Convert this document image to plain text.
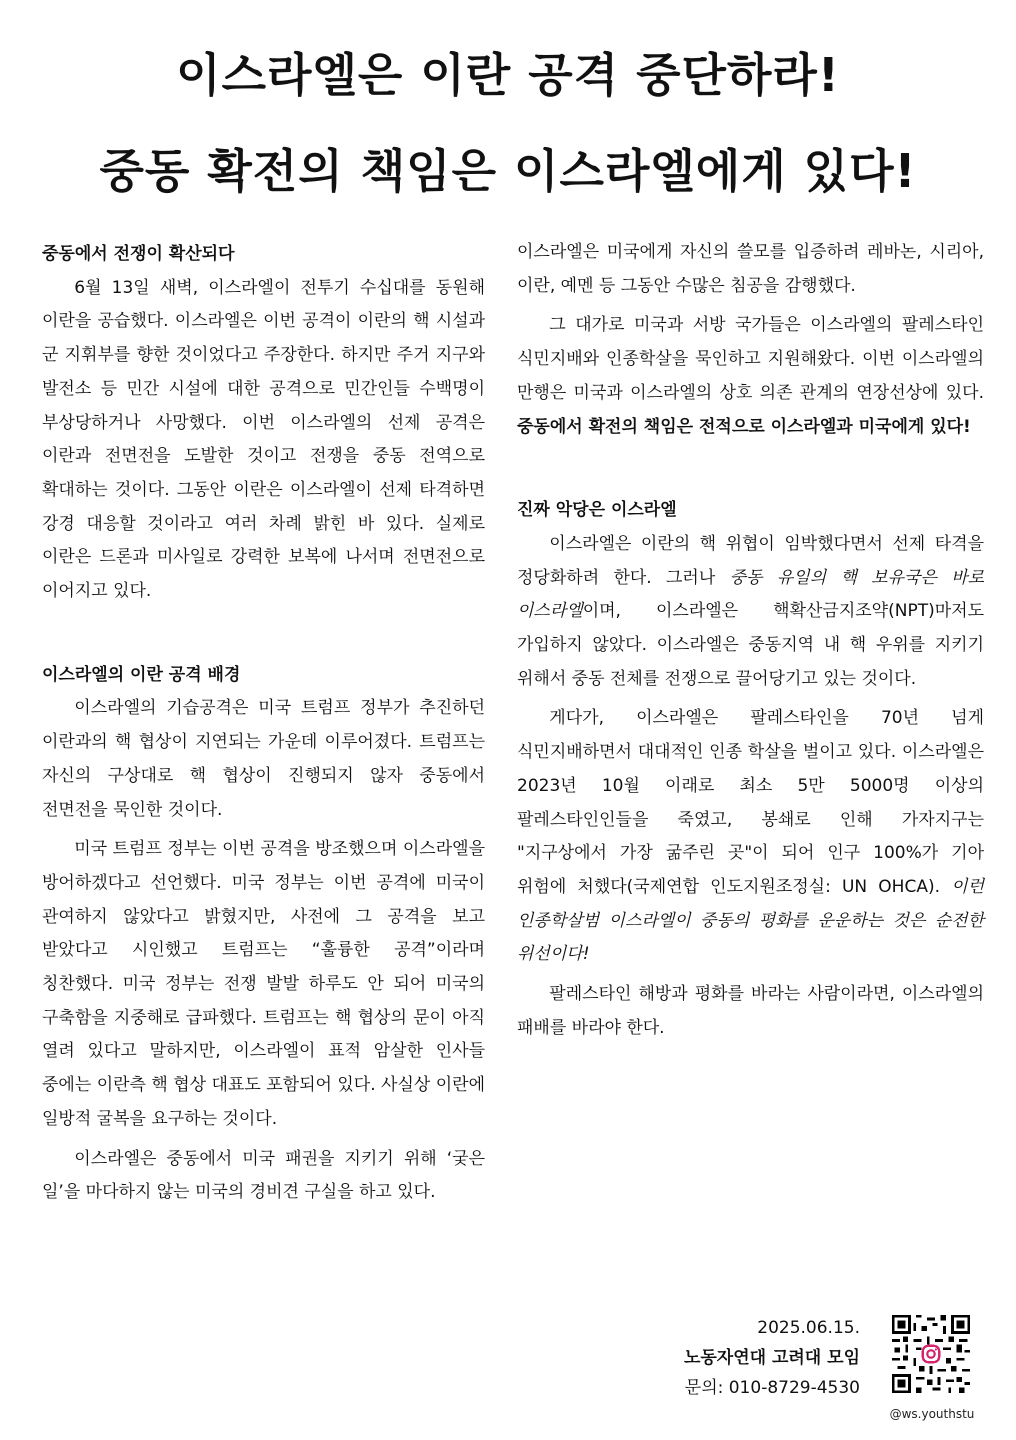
이스라엘은 이란 공격 중단하라!
중동 확전의 책임은 이스라엘에게 있다!
중동에서 전쟁이 확산되다

6월 13일 새벽, 이스라엘이 전투기 수십대를 동원해 이란을 공습했다. 이스라엘은 이번 공격이 이란의 핵 시설과 군 지휘부를 향한 것이었다고 주장한다. 하지만 주거 지구와 발전소 등 민간 시설에 대한 공격으로 민간인들 수백명이 부상당하거나 사망했다. 이번 이스라엘의 선제 공격은 이란과 전면전을 도발한 것이고 전쟁을 중동 전역으로 확대하는 것이다. 그동안 이란은 이스라엘이 선제 타격하면 강경 대응할 것이라고 여러 차례 밝힌 바 있다. 실제로 이란은 드론과 미사일로 강력한 보복에 나서며 전면전으로 이어지고 있다.

이스라엘의 이란 공격 배경

이스라엘의 기습공격은 미국 트럼프 정부가 추진하던 이란과의 핵 협상이 지연되는 가운데 이루어졌다. 트럼프는 자신의 구상대로 핵 협상이 진행되지 않자 중동에서 전면전을 묵인한 것이다.

미국 트럼프 정부는 이번 공격을 방조했으며 이스라엘을 방어하겠다고 선언했다. 미국 정부는 이번 공격에 미국이 관여하지 않았다고 밝혔지만, 사전에 그 공격을 보고 받았다고 시인했고 트럼프는 “훌륭한 공격”이라며 칭찬했다. 미국 정부는 전쟁 발발 하루도 안 되어 미국의 구축함을 지중해로 급파했다. 트럼프는 핵 협상의 문이 아직 열려 있다고 말하지만, 이스라엘이 표적 암살한 인사들 중에는 이란측 핵 협상 대표도 포함되어 있다. 사실상 이란에 일방적 굴복을 요구하는 것이다.

이스라엘은 중동에서 미국 패권을 지키기 위해 ‘궂은 일’을 마다하지 않는 미국의 경비견 구실을 하고 있다.

이스라엘은 미국에게 자신의 쓸모를 입증하려 레바논, 시리아, 이란, 예멘 등 그동안 수많은 침공을 감행했다.

그 대가로 미국과 서방 국가들은 이스라엘의 팔레스타인 식민지배와 인종학살을 묵인하고 지원해왔다. 이번 이스라엘의 만행은 미국과 이스라엘의 상호 의존 관계의 연장선상에 있다. 중동에서 확전의 책임은 전적으로 이스라엘과 미국에게 있다!

진짜 악당은 이스라엘

이스라엘은 이란의 핵 위협이 임박했다면서 선제 타격을 정당화하려 한다. 그러나 중동 유일의 핵 보유국은 바로 이스라엘이며, 이스라엘은 핵확산금지조약(NPT)마저도 가입하지 않았다. 이스라엘은 중동지역 내 핵 우위를 지키기 위해서 중동 전체를 전쟁으로 끌어당기고 있는 것이다.

게다가, 이스라엘은 팔레스타인을 70년 넘게 식민지배하면서 대대적인 인종 학살을 벌이고 있다. 이스라엘은 2023년 10월 이래로 최소 5만 5000명 이상의 팔레스타인인들을 죽였고, 봉쇄로 인해 가자지구는 "지구상에서 가장 굶주린 곳"이 되어 인구 100%가 기아 위험에 처했다(국제연합 인도지원조정실: UN OHCA). 이런 인종학살범 이스라엘이 중동의 평화를 운운하는 것은 순전한 위선이다!

팔레스타인 해방과 평화를 바라는 사람이라면, 이스라엘의 패배를 바라야 한다.

2025.06.15.
노동자연대 고려대 모임
문의: 010-8729-4530
@ws.youthstu
